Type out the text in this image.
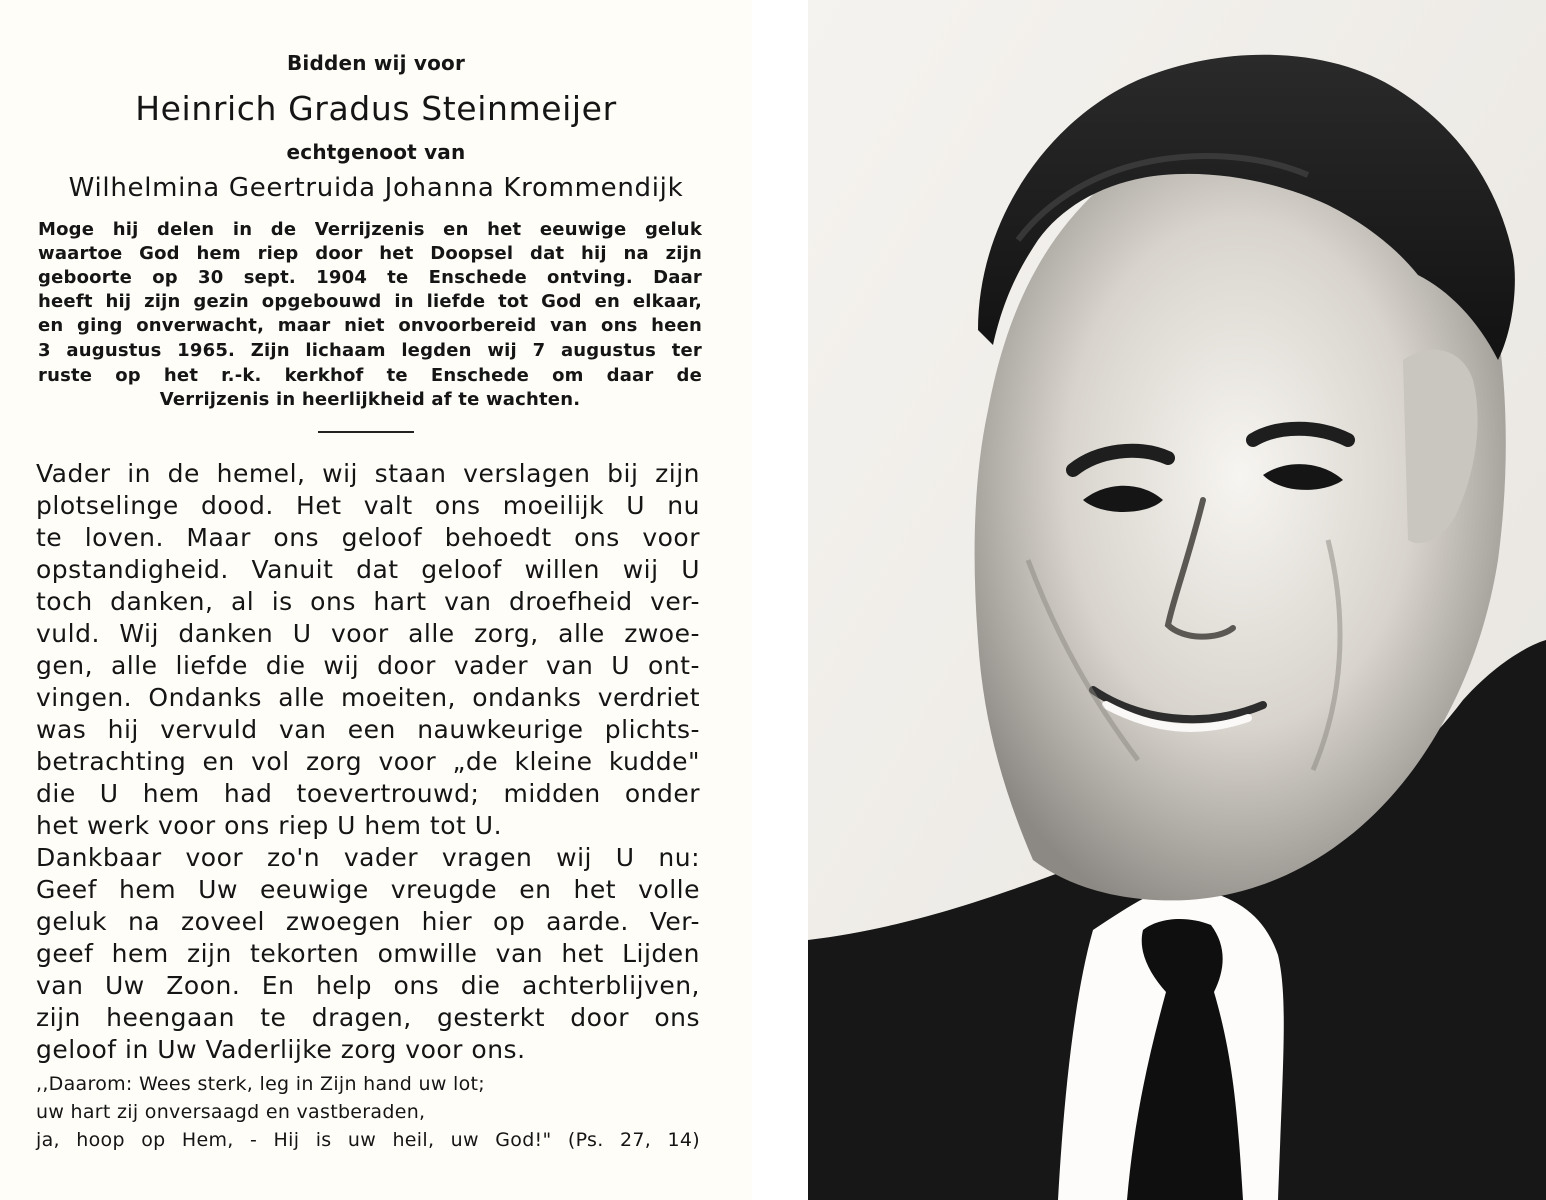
Bidden wij voor
Heinrich Gradus Steinmeijer
echtgenoot van
Wilhelmina Geertruida Johanna Krommendijk
Moge hij delen in de Verrijzenis en het eeuwige geluk
waartoe God hem riep door het Doopsel dat hij na zijn
geboorte op 30 sept. 1904 te Enschede ontving. Daar
heeft hij zijn gezin opgebouwd in liefde tot God en elkaar,
en ging onverwacht, maar niet onvoorbereid van ons heen
3 augustus 1965. Zijn lichaam legden wij 7 augustus ter
ruste op het r.-k. kerkhof te Enschede om daar de
Verrijzenis in heerlijkheid af te wachten.
Vader in de hemel, wij staan verslagen bij zijn
plotselinge dood. Het valt ons moeilijk U nu
te loven. Maar ons geloof behoedt ons voor
opstandigheid. Vanuit dat geloof willen wij U
toch danken, al is ons hart van droefheid ver-
vuld. Wij danken U voor alle zorg, alle zwoe-
gen, alle liefde die wij door vader van U ont-
vingen. Ondanks alle moeiten, ondanks verdriet
was hij vervuld van een nauwkeurige plichts-
betrachting en vol zorg voor „de kleine kudde"
die U hem had toevertrouwd; midden onder
het werk voor ons riep U hem tot U.
Dankbaar voor zo'n vader vragen wij U nu:
Geef hem Uw eeuwige vreugde en het volle
geluk na zoveel zwoegen hier op aarde. Ver-
geef hem zijn tekorten omwille van het Lijden
van Uw Zoon. En help ons die achterblijven,
zijn heengaan te dragen, gesterkt door ons
geloof in Uw Vaderlijke zorg voor ons.
,,Daarom: Wees sterk, leg in Zijn hand uw lot;
uw hart zij onversaagd en vastberaden,
ja, hoop op Hem, - Hij is uw heil, uw God!" (Ps. 27, 14)
